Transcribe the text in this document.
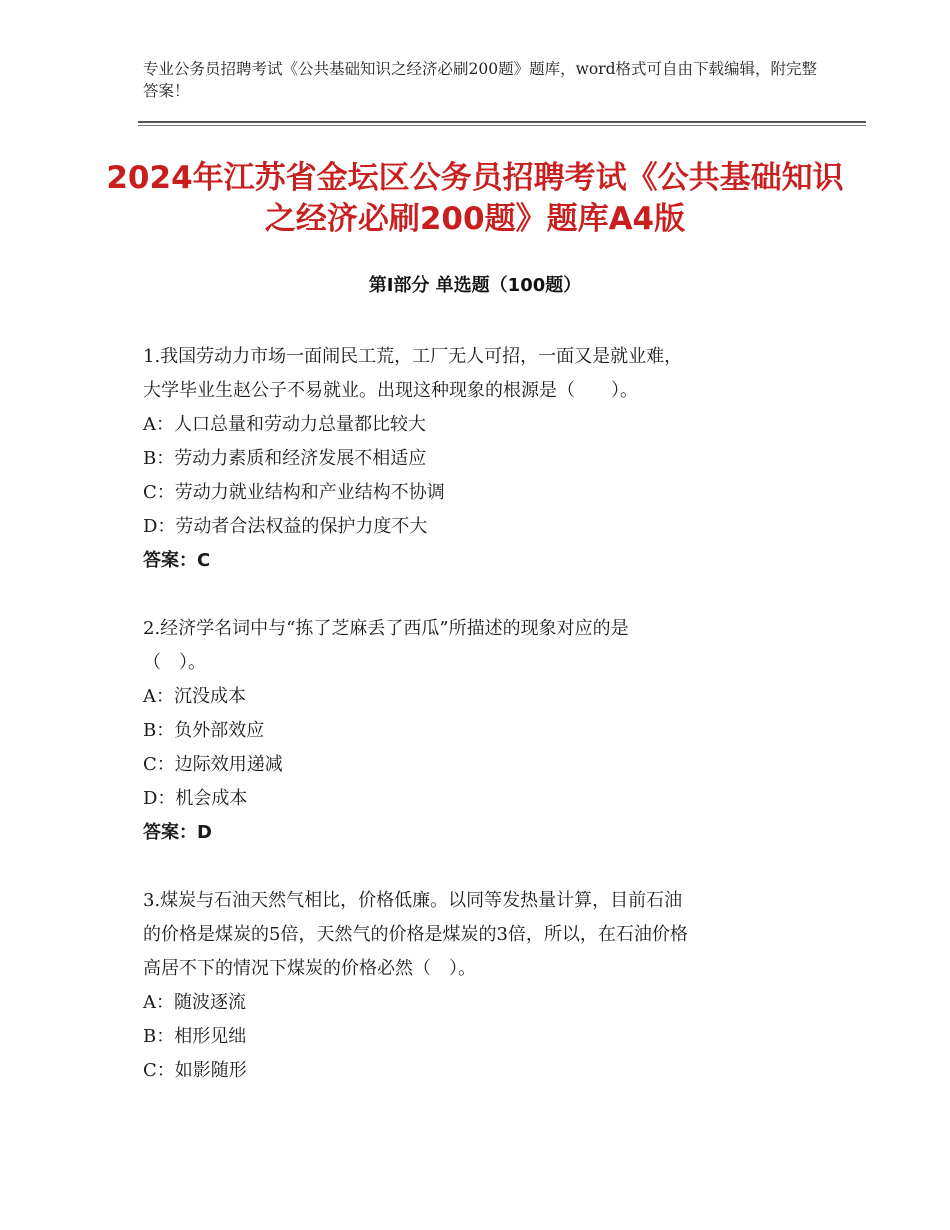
专业公务员招聘考试《公共基础知识之经济必刷200题》题库，word格式可自由下载编辑，附完整答案！
2024年江苏省金坛区公务员招聘考试《公共基础知识之经济必刷200题》题库A4版
第Ⅰ部分 单选题（100题）
1.我国劳动力市场一面闹民工荒，工厂无人可招，一面又是就业难，
大学毕业生赵公子不易就业。出现这种现象的根源是（　　）。
A：人口总量和劳动力总量都比较大
B：劳动力素质和经济发展不相适应
C：劳动力就业结构和产业结构不协调
D：劳动者合法权益的保护力度不大
答案：C
2.经济学名词中与“拣了芝麻丢了西瓜”所描述的现象对应的是
（　）。
A：沉没成本
B：负外部效应
C：边际效用递减
D：机会成本
答案：D
3.煤炭与石油天然气相比，价格低廉。以同等发热量计算，目前石油
的价格是煤炭的5倍，天然气的价格是煤炭的3倍，所以，在石油价格
高居不下的情况下煤炭的价格必然（　）。
A：随波逐流
B：相形见绌
C：如影随形
